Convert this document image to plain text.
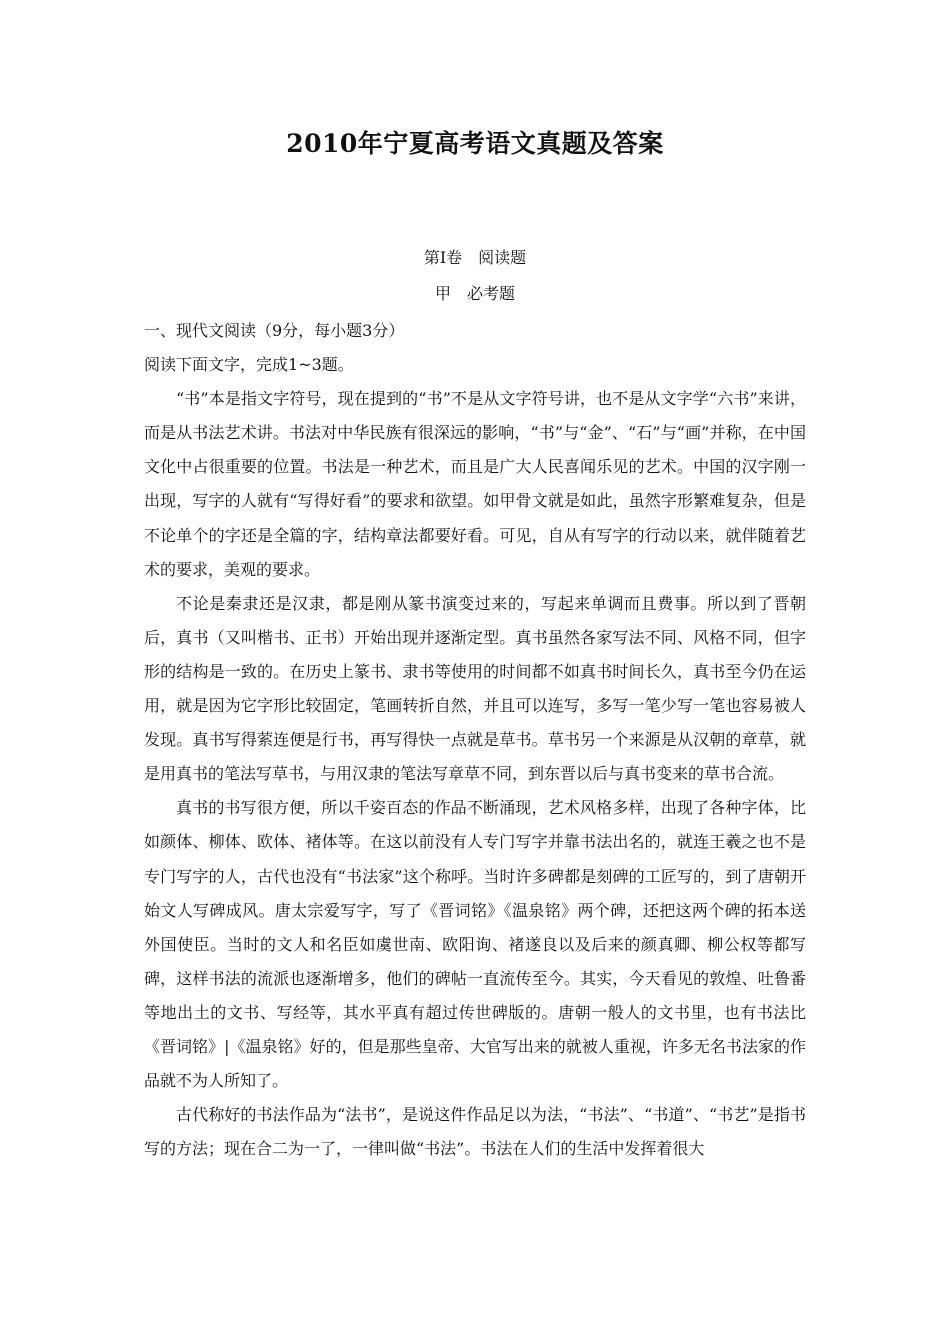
2010年宁夏高考语文真题及答案
第Ⅰ卷　阅读题
甲　必考题

一、现代文阅读（9分，每小题3分）

阅读下面文字，完成1~3题。

“书”本是指文字符号，现在提到的“书”不是从文字符号讲，也不是从文字学“六书”来讲，而是从书法艺术讲。书法对中华民族有很深远的影响，“书”与“金”、“石”与“画”并称，在中国文化中占很重要的位置。书法是一种艺术，而且是广大人民喜闻乐见的艺术。中国的汉字刚一出现，写字的人就有“写得好看”的要求和欲望。如甲骨文就是如此，虽然字形繁难复杂，但是不论单个的字还是全篇的字，结构章法都要好看。可见，自从有写字的行动以来，就伴随着艺术的要求，美观的要求。

不论是秦隶还是汉隶，都是刚从篆书演变过来的，写起来单调而且费事。所以到了晋朝后，真书（又叫楷书、正书）开始出现并逐渐定型。真书虽然各家写法不同、风格不同，但字形的结构是一致的。在历史上篆书、隶书等使用的时间都不如真书时间长久，真书至今仍在运用，就是因为它字形比较固定，笔画转折自然，并且可以连写，多写一笔少写一笔也容易被人发现。真书写得萦连便是行书，再写得快一点就是草书。草书另一个来源是从汉朝的章草，就是用真书的笔法写草书，与用汉隶的笔法写章草不同，到东晋以后与真书变来的草书合流。

真书的书写很方便，所以千姿百态的作品不断涌现，艺术风格多样，出现了各种字体，比如颜体、柳体、欧体、褚体等。在这以前没有人专门写字并靠书法出名的，就连王羲之也不是专门写字的人，古代也没有“书法家”这个称呼。当时许多碑都是刻碑的工匠写的，到了唐朝开始文人写碑成风。唐太宗爱写字，写了《晋词铭》《温泉铭》两个碑，还把这两个碑的拓本送外国使臣。当时的文人和名臣如虞世南、欧阳询、褚遂良以及后来的颜真卿、柳公权等都写碑，这样书法的流派也逐渐增多，他们的碑帖一直流传至今。其实，今天看见的敦煌、吐鲁番等地出土的文书、写经等，其水平真有超过传世碑版的。唐朝一般人的文书里，也有书法比《晋词铭》|《温泉铭》好的，但是那些皇帝、大官写出来的就被人重视，许多无名书法家的作品就不为人所知了。

古代称好的书法作品为“法书”，是说这件作品足以为法，“书法”、“书道”、“书艺”是指书写的方法；现在合二为一了，一律叫做“书法”。书法在人们的生活中发挥着很大
